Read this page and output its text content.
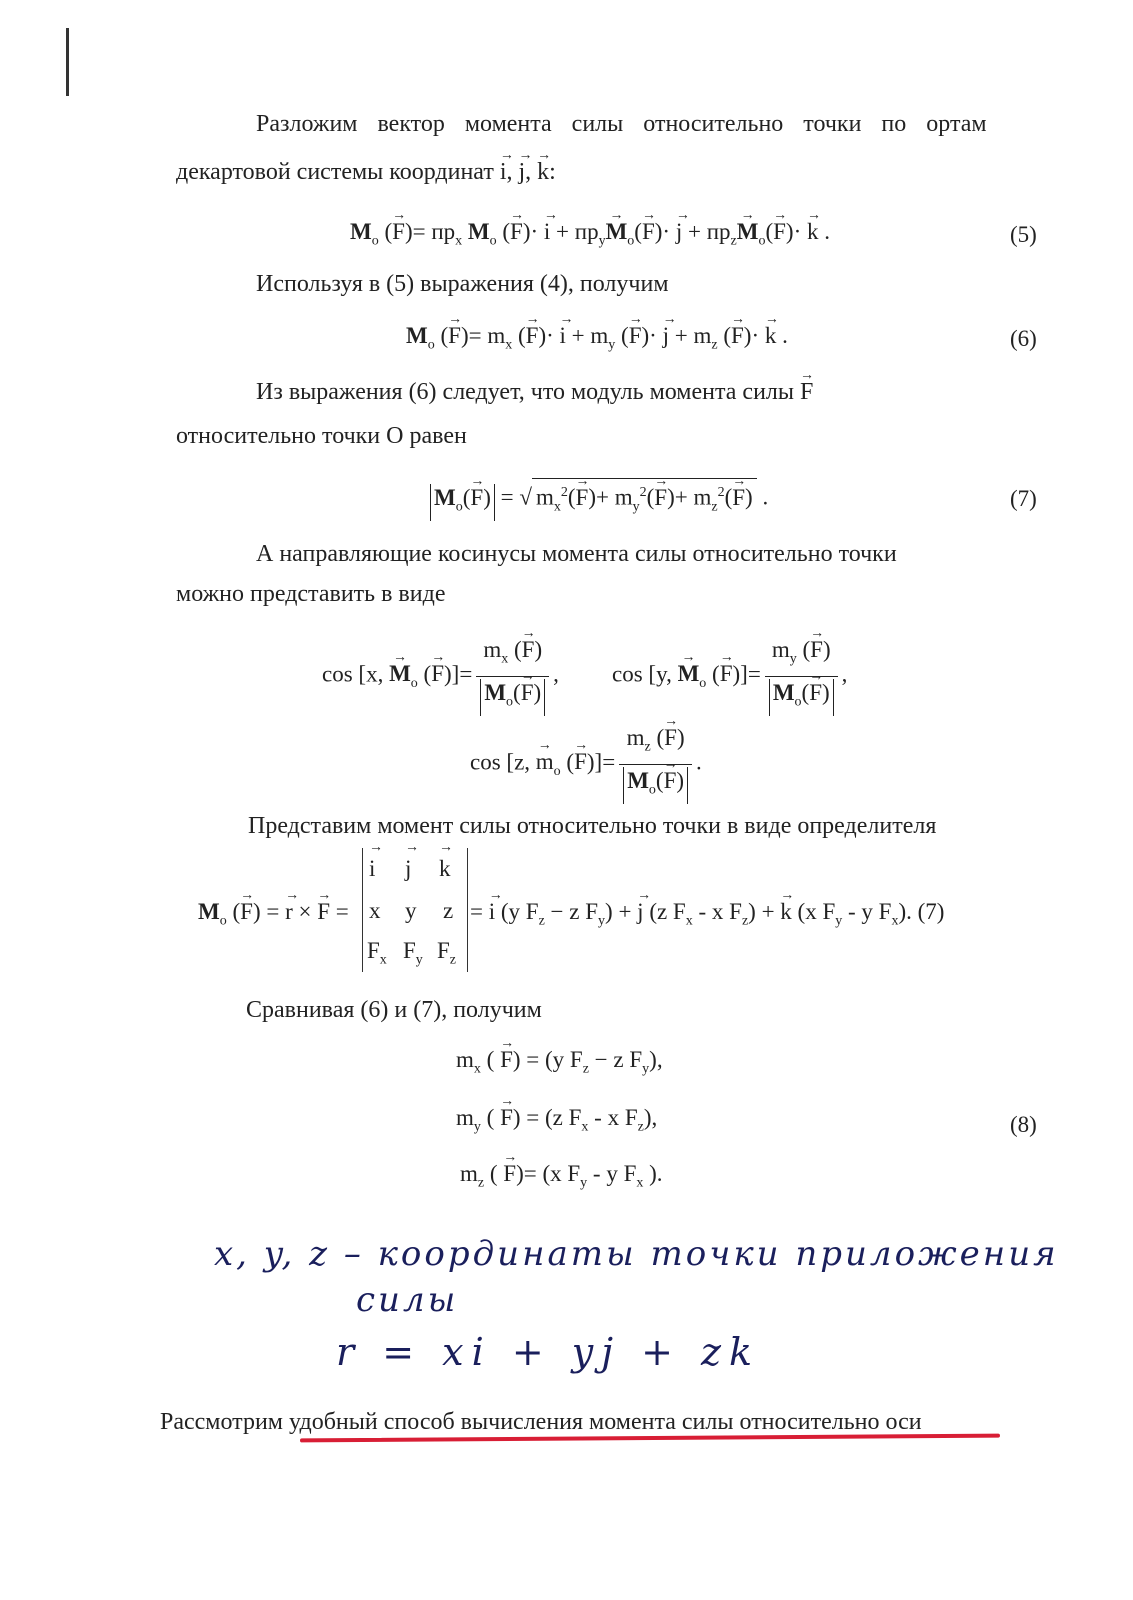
Разложим вектор момента силы относительно точки по ортам
декартовой системы координат → i, → j, → k:
$M_o$ (→ $F)= пр_x$ $M_o$ (→ $F)\cdot \to i + пр_y\to M_o(\to F)\cdot \to j + пр_z\to M_o(\to F)\cdot \to k$ .	(5)
Используя в (5) выражения (4), получим
$M_o$ (→ $F)= m_x$ (→ $F)\cdot \to i + m_y$ (→ $F)\cdot \to j + m_z$ (→ F)· → k .	(6)
Из выражения (6) следует, что модуль момента силы → F
относительно точки О равен
$M_o(\to F)$ = √ $m_x^2(\to F)+ m_y^2(\to F)+ m_z^2(\to F)$ .	(7)
А направляющие косинусы момента силы относительно точки
можно представить в виде
cos [x, → $M_o$ (→ $F)]= \frac{m_x (\to F)}{M_o(\to F)}$ , cos [y, → $M_o$ (→ $F)]= \frac{m_y (\to F)}{M_o(\to F)}$ ,
cos [z, → $m_o$ (→ $F)]= \frac{m_z (\to F)}{M_o(\to F)}$ .
Представим момент силы относительно точки в виде определителя
$M_o$ (→ F) = → r × → F =
→ i → j → k
x y z
$F_x$ $F_y$ $F_z$
= → i (y $F_z - z$ $F_y$) + → j (z $F_x$ - x $F_z$) + → k (x $F_y$ - y $F_x$). (7)
Сравнивая (6) и (7), получим
$m_x$ ( → F) = (y $F_z - z$ $F_y$),
$m_y$ ( → F) = (z $F_x$ - x $F_z$),
$m_z$ ( → F)= (x $F_y$ - y $F_x$ ).
(8)
x, y, z – координаты точки приложения
силы
r = xi + yj + zk
Рассмотрим удобный способ вычисления момента силы относительно оси
